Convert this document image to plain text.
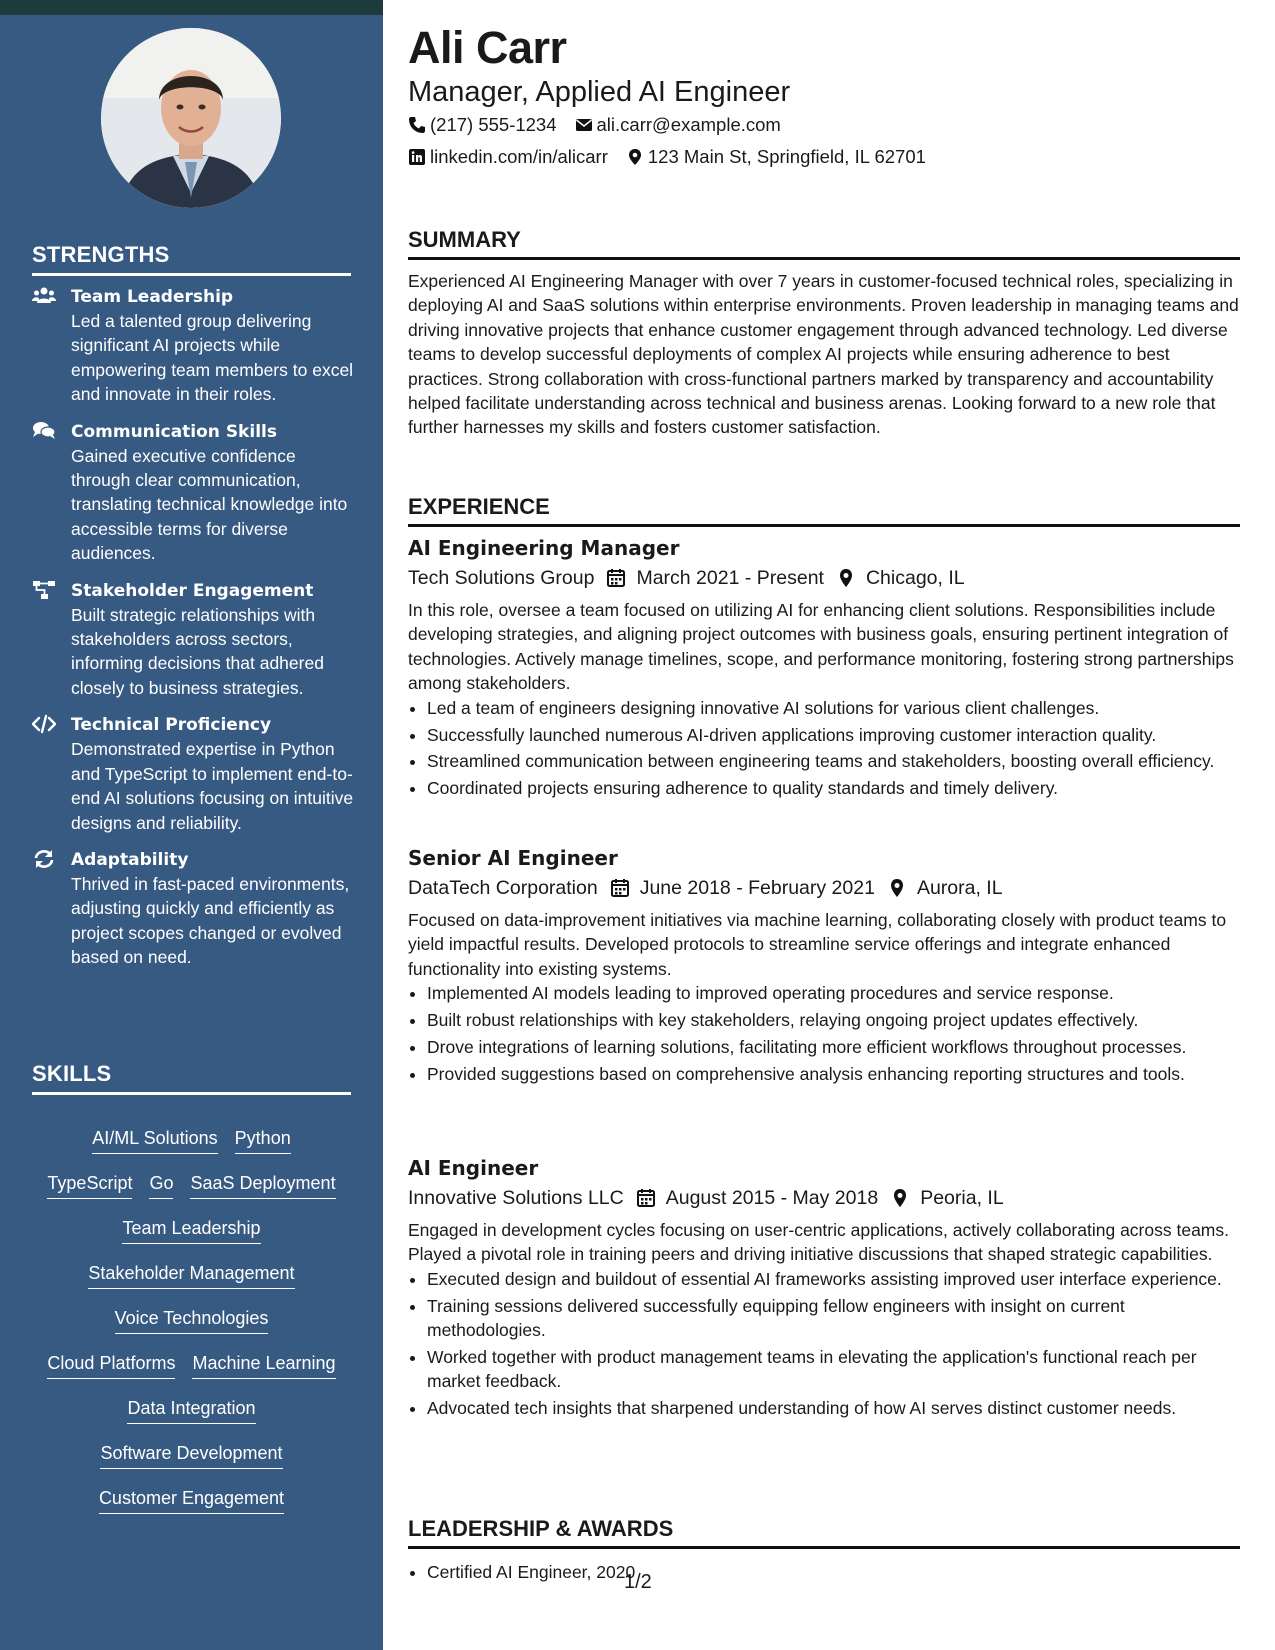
STRENGTHS
Team Leadership
Led a talented group delivering significant AI projects while empowering team members to excel and innovate in their roles.
Communication Skills
Gained executive confidence through clear communication, translating technical knowledge into accessible terms for diverse audiences.
Stakeholder Engagement
Built strategic relationships with stakeholders across sectors, informing decisions that adhered closely to business strategies.
Technical Proficiency
Demonstrated expertise in Python and TypeScript to implement end-to-end AI solutions focusing on intuitive designs and reliability.
Adaptability
Thrived in fast-paced environments, adjusting quickly and efficiently as project scopes changed or evolved based on need.
SKILLS
AI/ML Solutions Python
TypeScript Go SaaS Deployment
Team Leadership
Stakeholder Management
Voice Technologies
Cloud Platforms Machine Learning
Data Integration
Software Development
Customer Engagement
Ali Carr
Manager, Applied AI Engineer
(217) 555-1234 ali.carr@example.com
linkedin.com/in/alicarr 123 Main St, Springfield, IL 62701
SUMMARY
Experienced AI Engineering Manager with over 7 years in customer-focused technical roles, specializing in deploying AI and SaaS solutions within enterprise environments. Proven leadership in managing teams and driving innovative projects that enhance customer engagement through advanced technology. Led diverse teams to develop successful deployments of complex AI projects while ensuring adherence to best practices. Strong collaboration with cross-functional partners marked by transparency and accountability helped facilitate understanding across technical and business arenas. Looking forward to a new role that further harnesses my skills and fosters customer satisfaction.
EXPERIENCE
AI Engineering Manager
Tech Solutions Group March 2021 - Present Chicago, IL
In this role, oversee a team focused on utilizing AI for enhancing client solutions. Responsibilities include developing strategies, and aligning project outcomes with business goals, ensuring pertinent integration of technologies. Actively manage timelines, scope, and performance monitoring, fostering strong partnerships among stakeholders.
• Led a team of engineers designing innovative AI solutions for various client challenges.
• Successfully launched numerous AI-driven applications improving customer interaction quality.
• Streamlined communication between engineering teams and stakeholders, boosting overall efficiency.
• Coordinated projects ensuring adherence to quality standards and timely delivery.
Senior AI Engineer
DataTech Corporation June 2018 - February 2021 Aurora, IL
Focused on data-improvement initiatives via machine learning, collaborating closely with product teams to yield impactful results. Developed protocols to streamline service offerings and integrate enhanced functionality into existing systems.
• Implemented AI models leading to improved operating procedures and service response.
• Built robust relationships with key stakeholders, relaying ongoing project updates effectively.
• Drove integrations of learning solutions, facilitating more efficient workflows throughout processes.
• Provided suggestions based on comprehensive analysis enhancing reporting structures and tools.
AI Engineer
Innovative Solutions LLC August 2015 - May 2018 Peoria, IL
Engaged in development cycles focusing on user-centric applications, actively collaborating across teams. Played a pivotal role in training peers and driving initiative discussions that shaped strategic capabilities.
• Executed design and buildout of essential AI frameworks assisting improved user interface experience.
• Training sessions delivered successfully equipping fellow engineers with insight on current methodologies.
• Worked together with product management teams in elevating the application's functional reach per market feedback.
• Advocated tech insights that sharpened understanding of how AI serves distinct customer needs.
LEADERSHIP & AWARDS
• Certified AI Engineer, 2020
1/2
